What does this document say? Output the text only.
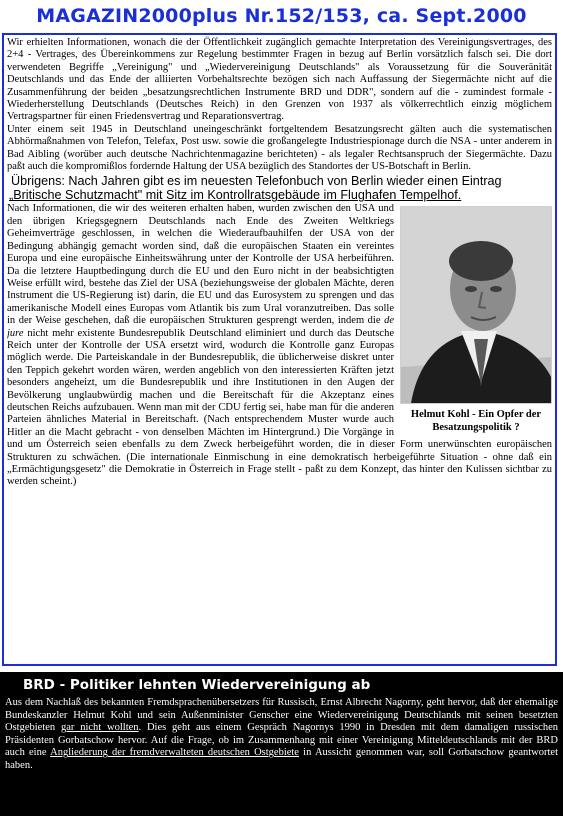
MAGAZIN2000plus Nr.152/153, ca. Sept.2000

Wir erhielten Informationen, wonach die der Öffentlichkeit zugänglich gemachte Interpretation des Vereinigungsvertrages, des 2+4 - Vertrages, des Übereinkommens zur Regelung bestimmter Fragen in bezug auf Berlin vorsätzlich falsch sei. Die dort verwendeten Begriffe „Vereinigung" und „Wiedervereinigung Deutschlands" als Voraussetzung für die Souveränität Deutschlands und das Ende der alliierten Vorbehaltsrechte bezögen sich nach Auffassung der Siegermächte nicht auf die Zusammenführung der beiden „besatzungsrechtlichen Instrumente BRD und DDR", sondern auf die - zumindest formale - Wiederherstellung Deutschlands (Deutsches Reich) in den Grenzen von 1937 als völkerrechtlich einzig möglichem Vertragspartner für einen Friedensvertrag und Reparationsvertrag.

Unter einem seit 1945 in Deutschland uneingeschränkt fortgeltendem Besatzungsrecht gälten auch die systematischen Abhörmaßnahmen von Telefon, Telefax, Post usw. sowie die großangelegte Industriespionage durch die NSA - unter anderem in Bad Aibling (worüber auch deutsche Nachrichtenmagazine berichteten) - als legaler Rechtsanspruch der Siegermächte. Dazu paßt auch die kompromißlos fordernde Haltung der USA bezüglich des Standortes der US-Botschaft in Berlin.

Übrigens: Nach Jahren gibt es im neuesten Telefonbuch von Berlin wieder einen Eintrag
„Britische Schutzmacht" mit Sitz im Kontrollratsgebäude im Flughafen Tempelhof.
Helmut Kohl - Ein Opfer der Besatzungspolitik ?

Nach Informationen, die wir des weiteren erhalten haben, wurden zwischen den USA und den übrigen Kriegsgegnern Deutschlands nach Ende des Zweiten Weltkriegs Geheimverträge geschlossen, in welchen die Wiederaufbauhilfen der USA von der Bedingung abhängig gemacht worden sind, daß die europäischen Staaten ein vereintes Europa und eine europäische Einheitswährung unter der Kontrolle der USA herbeiführen. Da die letztere Hauptbedingung durch die EU und den Euro nicht in der beabsichtigten Weise erfüllt wird, bestehe das Ziel der USA (beziehungsweise der globalen Mächte, deren Instrument die US-Regierung ist) darin, die EU und das Eurosystem zu sprengen und das amerikanische Modell eines Europas vom Atlantik bis zum Ural voranzutreiben. Das solle in der Weise geschehen, daß die europäischen Strukturen gesprengt werden, indem die de jure nicht mehr existente Bundesrepublik Deutschland eliminiert und durch das Deutsche Reich unter der Kontrolle der USA ersetzt wird, wodurch die Kontrolle ganz Europas möglich werde. Die Parteiskandale in der Bundesrepublik, die üblicherweise diskret unter den Teppich gekehrt worden wären, werden angeblich von den interessierten Kräften jetzt besonders angeheizt, um die Bundesrepublik und ihre Institutionen in den Augen der Bevölkerung unglaubwürdig machen und die Bereitschaft für die Akzeptanz eines deutschen Reichs aufzubauen. Wenn man mit der CDU fertig sei, habe man für die anderen Parteien ähnliches Material in Bereitschaft. (Nach entsprechendem Muster wurde auch Hitler an die Macht gebracht - von denselben Mächten im Hintergrund.) Die Vorgänge in und um Österreich seien ebenfalls zu dem Zweck herbeigeführt worden, die in dieser Form unerwünschten europäischen Strukturen zu schwächen. (Die internationale Einmischung in eine demokratisch herbeigeführte Situation - ohne daß ein „Ermächtigungsgesetz" die Demokratie in Österreich in Frage stellt - paßt zu dem Konzept, das hinter den Kulissen sichtbar zu werden scheint.)

BRD - Politiker lehnten Wiedervereinigung ab

Aus dem Nachlaß des bekannten Fremdsprachenübersetzers für Russisch, Ernst Albrecht Nagorny, geht hervor, daß der ehemalige Bundeskanzler Helmut Kohl und sein Außenminister Genscher eine Wiedervereinigung Deutschlands mit seinen besetzten Ostgebieten gar nicht wollten. Dies geht aus einem Gespräch Nagornys 1990 in Dresden mit dem damaligen russischen Präsidenten Gorbatschow hervor. Auf die Frage, ob im Zusammenhang mit einer Vereinigung Mitteldeutschlands mit der BRD auch eine Angliederung der fremdverwalteten deutschen Ostgebiete in Aussicht genommen war, soll Gorbatschow geantwortet haben.
